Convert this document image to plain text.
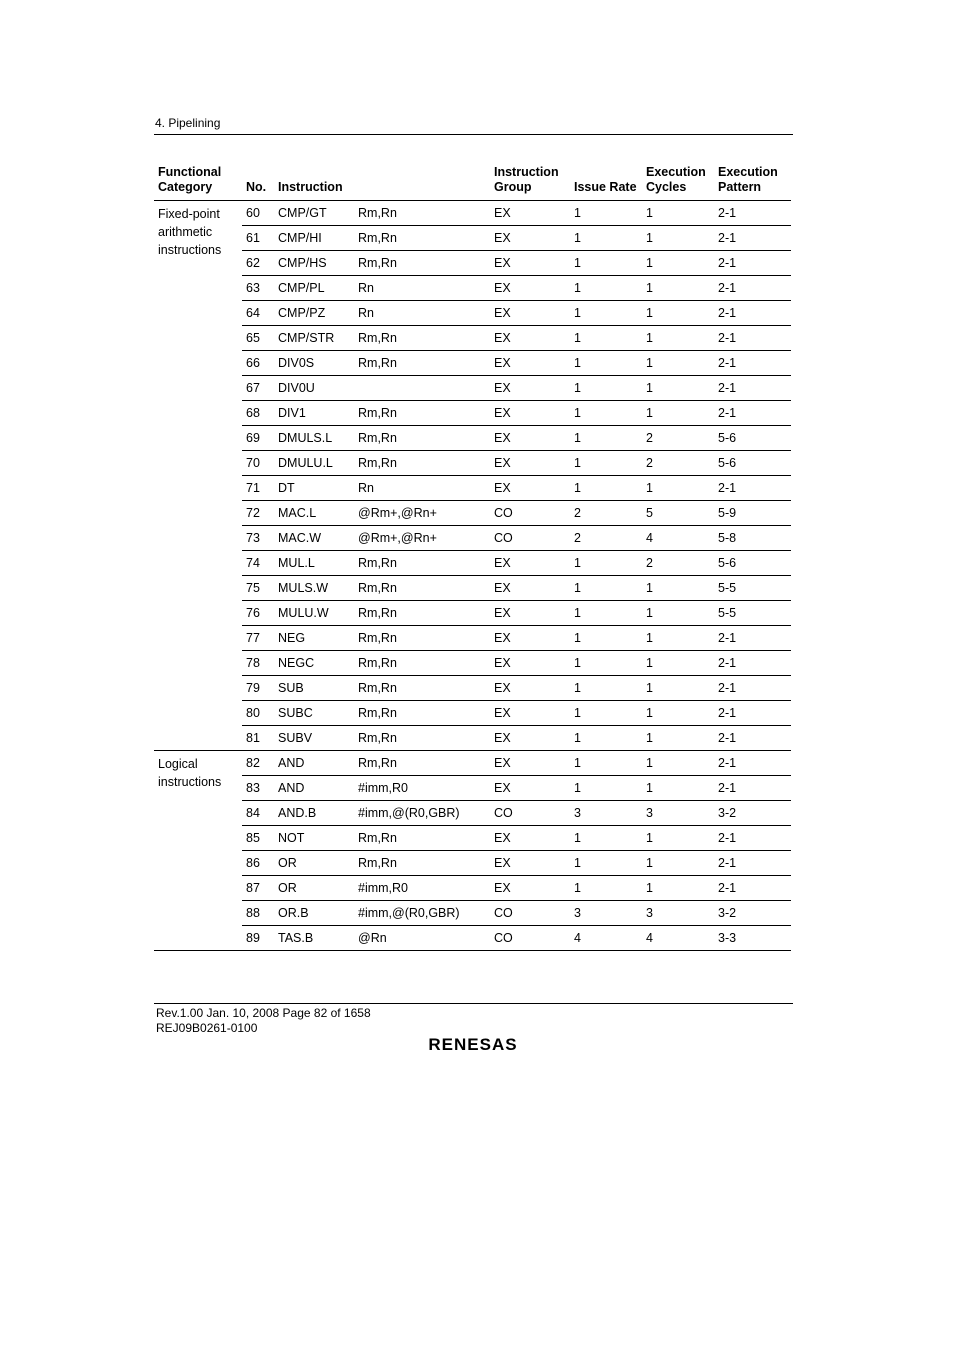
4. Pipelining
Functional Category	No.	Instruction		Instruction Group	Issue Rate	Execution Cycles	Execution Pattern
Fixed-point arithmetic instructions	60	CMP/GT	Rm,Rn	EX	1	1	2-1
	61	CMP/HI	Rm,Rn	EX	1	1	2-1
	62	CMP/HS	Rm,Rn	EX	1	1	2-1
	63	CMP/PL	Rn	EX	1	1	2-1
	64	CMP/PZ	Rn	EX	1	1	2-1
	65	CMP/STR	Rm,Rn	EX	1	1	2-1
	66	DIV0S	Rm,Rn	EX	1	1	2-1
	67	DIV0U		EX	1	1	2-1
	68	DIV1	Rm,Rn	EX	1	1	2-1
	69	DMULS.L	Rm,Rn	EX	1	2	5-6
	70	DMULU.L	Rm,Rn	EX	1	2	5-6
	71	DT	Rn	EX	1	1	2-1
	72	MAC.L	@Rm+,@Rn+	CO	2	5	5-9
	73	MAC.W	@Rm+,@Rn+	CO	2	4	5-8
	74	MUL.L	Rm,Rn	EX	1	2	5-6
	75	MULS.W	Rm,Rn	EX	1	1	5-5
	76	MULU.W	Rm,Rn	EX	1	1	5-5
	77	NEG	Rm,Rn	EX	1	1	2-1
	78	NEGC	Rm,Rn	EX	1	1	2-1
	79	SUB	Rm,Rn	EX	1	1	2-1
	80	SUBC	Rm,Rn	EX	1	1	2-1
	81	SUBV	Rm,Rn	EX	1	1	2-1
Logical instructions	82	AND	Rm,Rn	EX	1	1	2-1
	83	AND	#imm,R0	EX	1	1	2-1
	84	AND.B	#imm,@(R0,GBR)	CO	3	3	3-2
	85	NOT	Rm,Rn	EX	1	1	2-1
	86	OR	Rm,Rn	EX	1	1	2-1
	87	OR	#imm,R0	EX	1	1	2-1
	88	OR.B	#imm,@(R0,GBR)	CO	3	3	3-2
	89	TAS.B	@Rn	CO	4	4	3-3
Rev.1.00 Jan. 10, 2008 Page 82 of 1658
REJ09B0261-0100
RENESAS
